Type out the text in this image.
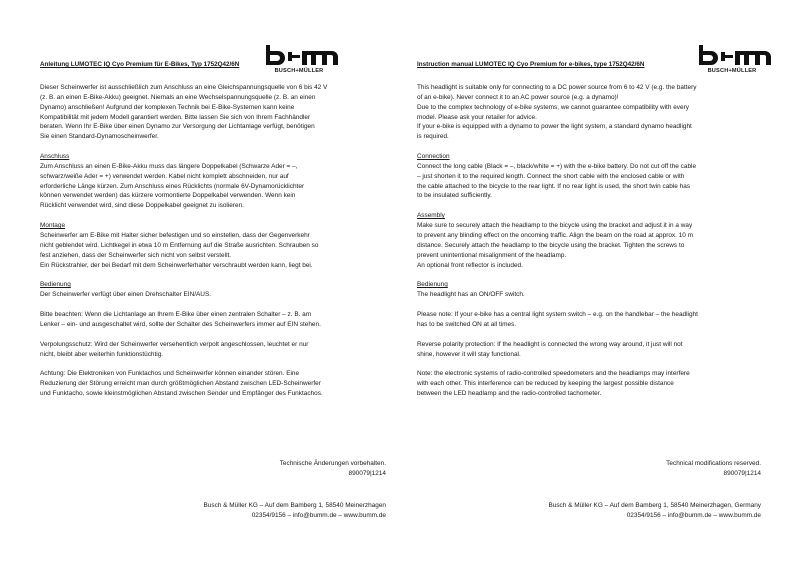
Anleitung LUMOTEC IQ Cyo Premium für E-Bikes, Typ 1752Q42/6N
BUSCH+MÜLLER

Dieser Scheinwerfer ist ausschließlich zum Anschluss an eine Gleichspannungsquelle von 6 bis 42 V
(z. B. an einen E-Bike-Akku) geeignet. Niemals an eine Wechselspannungsquelle (z. B. an einen
Dynamo) anschließen! Aufgrund der komplexen Technik bei E-Bike-Systemen kann keine
Kompatibilität mit jedem Modell garantiert werden. Bitte lassen Sie sich von Ihrem Fachhändler
beraten. Wenn Ihr E-Bike über einen Dynamo zur Versorgung der Lichtanlage verfügt, benötigen
Sie einen Standard-Dynamoscheinwerfer.

Anschluss
Zum Anschluss an einen E-Bike-Akku muss das längere Doppelkabel (Schwarze Ader = –,
schwarz/weiße Ader = +) verwendet werden. Kabel nicht komplett abschneiden, nur auf
erforderliche Länge kürzen. Zum Anschluss eines Rücklichts (normale 6V-Dynamorücklichter
können verwendet werden) das kürzere vormontierte Doppelkabel verwenden. Wenn kein
Rücklicht verwendet wird, sind diese Doppelkabel geeignet zu isolieren.

Montage
Scheinwerfer am E-Bike mit Halter sicher befestigen und so einstellen, dass der Gegenverkehr
nicht geblendet wird. Lichtkegel in etwa 10 m Entfernung auf die Straße ausrichten. Schrauben so
fest anziehen, dass der Scheinwerfer sich nicht von selbst verstellt.
Ein Rückstrahler, der bei Bedarf mit dem Scheinwerferhalter verschraubt werden kann, liegt bei.

Bedienung
Der Scheinwerfer verfügt über einen Drehschalter EIN/AUS.

Bitte beachten: Wenn die Lichtanlage an Ihrem E-Bike über einen zentralen Schalter – z. B. am
Lenker – ein- und ausgeschaltet wird, sollte der Schalter des Scheinwerfers immer auf EIN stehen.

Verpolungsschutz: Wird der Scheinwerfer versehentlich verpolt angeschlossen, leuchtet er nur
nicht, bleibt aber weiterhin funktionstüchtig.

Achtung: Die Elektroniken von Funktachos und Scheinwerfer können einander stören. Eine
Reduzierung der Störung erreicht man durch größtmöglichen Abstand zwischen LED-Scheinwerfer
und Funktacho, sowie kleinstmöglichen Abstand zwischen Sender und Empfänger des Funktachos.

Technische Änderungen vorbehalten.
890079|1214
Busch & Müller KG – Auf dem Bamberg 1, 58540 Meinerzhagen
02354/9156 – info@bumm.de – www.bumm.de
Instruction manual LUMOTEC IQ Cyo Premium for e-bikes, type 1752Q42/6N
BUSCH+MÜLLER

This headlight is suitable only for connecting to a DC power source from 6 to 42 V (e.g. the battery
of an e-bike). Never connect it to an AC power source (e.g. a dynamo)!
Due to the complex technology of e-bike systems, we cannot guarantee compatibility with every
model. Please ask your retailer for advice.
If your e-bike is equipped with a dynamo to power the light system, a standard dynamo headlight
is required.

Connection
Connect the long cable (Black = –, black/white = +) with the e-bike battery. Do not cut off the cable
– just shorten it to the required length. Connect the short cable with the enclosed cable or with
the cable attached to the bicycle to the rear light. If no rear light is used, the short twin cable has
to be insulated sufficiently.

Assembly
Make sure to securely attach the headlamp to the bicycle using the bracket and adjust it in a way
to prevent any blinding effect on the oncoming traffic. Align the beam on the road at approx. 10 m
distance. Securely attach the headlamp to the bicycle using the bracket. Tighten the screws to
prevent unintentional misalignment of the headlamp.
An optional front reflector is included.

Bedienung
The headlight has an ON/OFF switch.

Please note: If your e-bike has a central light system switch – e.g. on the handlebar – the headlight
has to be switched ON at all times.

Reverse polarity protection: If the headlight is connected the wrong way around, it just will not
shine, however it will stay functional.

Note: the electronic systems of radio-controlled speedometers and the headlamps may interfere
with each other. This interference can be reduced by keeping the largest possible distance
between the LED headlamp and the radio-controlled tachometer.

Technical modifications reserved.
890079|1214
Busch & Müller KG – Auf dem Bamberg 1, 58540 Meinerzhagen, Germany
02354/9156 – info@bumm.de – www.bumm.de
